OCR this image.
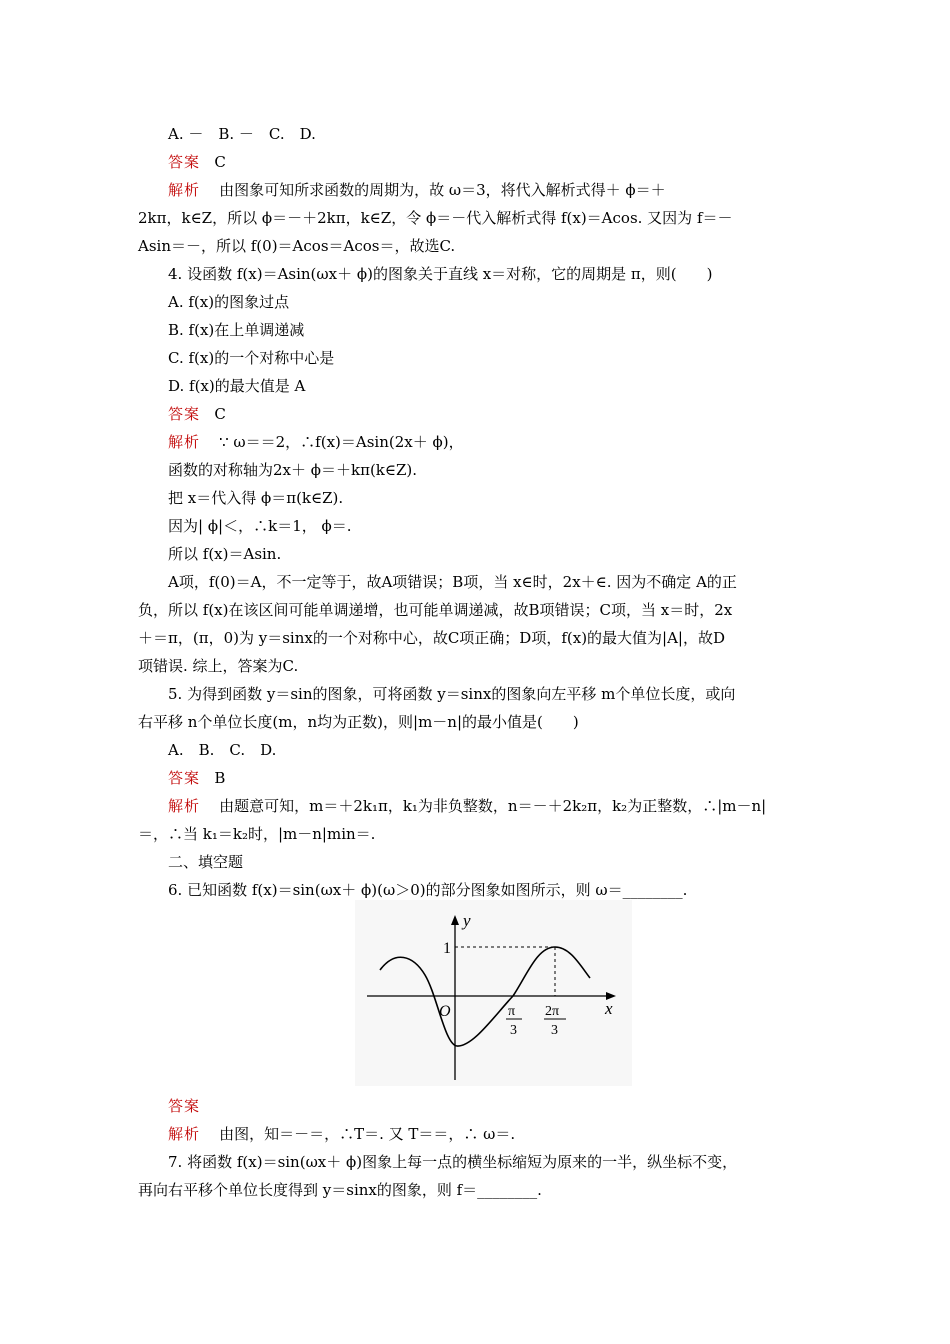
A. －　B. －　C.　D.
答案 C
解析 由图象可知所求函数的周期为，故 ω＝3，将代入解析式得＋ ϕ＝＋
2kπ，k∈Z，所以 ϕ＝－＋2kπ，k∈Z，令 ϕ＝－代入解析式得 f(x)＝Acos. 又因为 f＝－
Asin＝－，所以 f(0)＝Acos＝Acos＝，故选C.
4. 设函数 f(x)＝Asin(ωx＋ ϕ)的图象关于直线 x＝对称，它的周期是 π，则(　　)
A. f(x)的图象过点
B. f(x)在上单调递减
C. f(x)的一个对称中心是
D. f(x)的最大值是 A
答案 C
解析 ∵ ω＝＝2，∴f(x)＝Asin(2x＋ ϕ)，
函数的对称轴为2x＋ ϕ＝＋kπ(k∈Z).
把 x＝代入得 ϕ＝π(k∈Z).
因为| ϕ|＜，∴k＝1， ϕ＝.
所以 f(x)＝Asin.
A项，f(0)＝A，不一定等于，故A项错误；B项，当 x∈时，2x＋∈. 因为不确定 A的正
负，所以 f(x)在该区间可能单调递增，也可能单调递减，故B项错误；C项，当 x＝时，2x
＋＝π，(π，0)为 y＝sinx的一个对称中心，故C项正确；D项，f(x)的最大值为|A|，故D
项错误. 综上，答案为C.
5. 为得到函数 y＝sin的图象，可将函数 y＝sinx的图象向左平移 m个单位长度，或向
右平移 n个单位长度(m，n均为正数)，则|m－n|的最小值是(　　)
A.　B.　C.　D.
答案 B
解析 由题意可知，m＝＋2k₁π，k₁为非负整数，n＝－＋2k₂π，k₂为正整数，∴|m－n|
＝，∴当 k₁＝k₂时，|m－n|min＝.
二、填空题
6. 已知函数 f(x)＝sin(ωx＋ ϕ)(ω＞0)的部分图象如图所示，则 ω＝________.
y
x
O
1
π
3
2π
3
答案
解析 由图，知＝－＝，∴T＝. 又 T＝＝，∴ ω＝.
7. 将函数 f(x)＝sin(ωx＋ ϕ)图象上每一点的横坐标缩短为原来的一半，纵坐标不变，
再向右平移个单位长度得到 y＝sinx的图象，则 f＝________.
